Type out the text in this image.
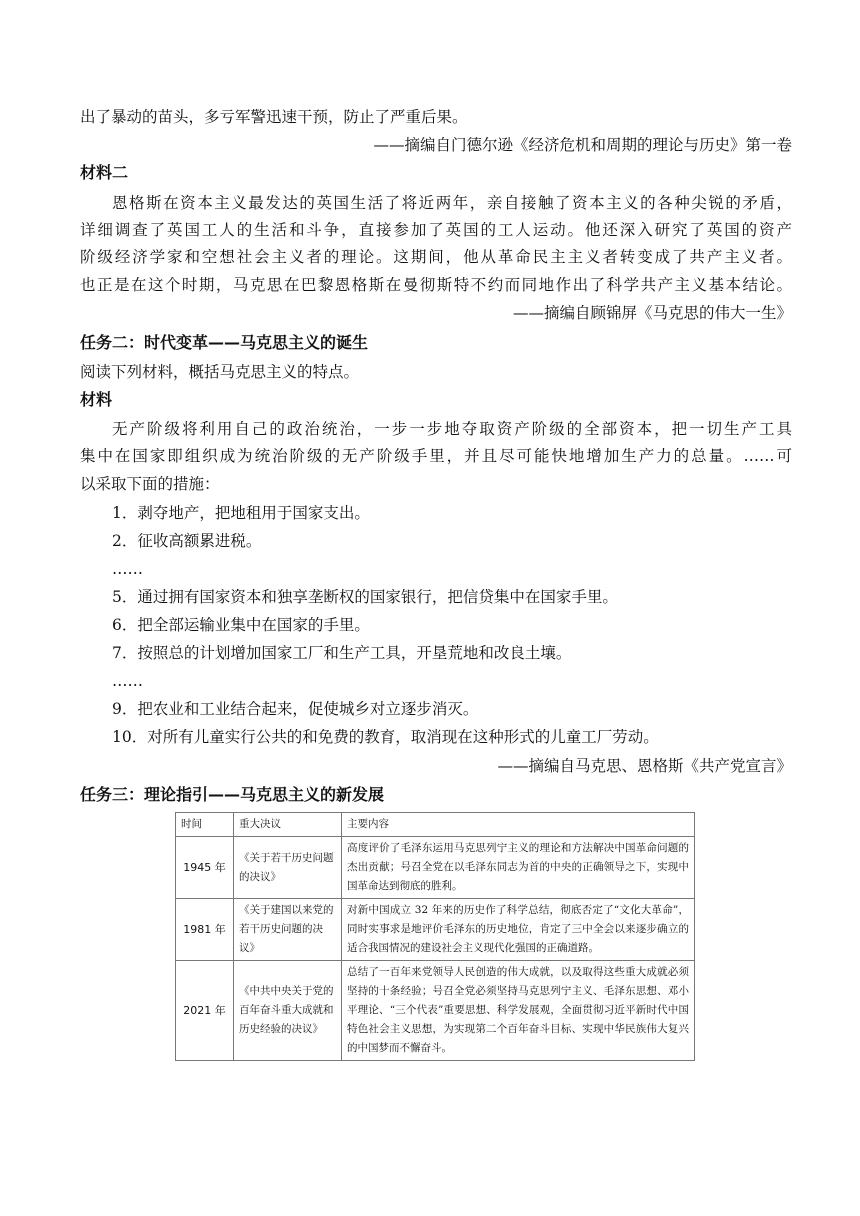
出了暴动的苗头，多亏军警迅速干预，防止了严重后果。
——摘编自门德尔逊《经济危机和周期的理论与历史》第一卷
材料二
恩格斯在资本主义最发达的英国生活了将近两年，亲自接触了资本主义的各种尖锐的矛盾，
详细调查了英国工人的生活和斗争，直接参加了英国的工人运动。他还深入研究了英国的资产
阶级经济学家和空想社会主义者的理论。这期间，他从革命民主主义者转变成了共产主义者。
也正是在这个时期，马克思在巴黎恩格斯在曼彻斯特不约而同地作出了科学共产主义基本结论。
——摘编自顾锦屏《马克思的伟大一生》
任务二：时代变革——马克思主义的诞生
阅读下列材料，概括马克思主义的特点。
材料
无产阶级将利用自己的政治统治，一步一步地夺取资产阶级的全部资本，把一切生产工具
集中在国家即组织成为统治阶级的无产阶级手里，并且尽可能快地增加生产力的总量。……可
以采取下面的措施：
1．剥夺地产，把地租用于国家支出。
2．征收高额累进税。
……
5．通过拥有国家资本和独享垄断权的国家银行，把信贷集中在国家手里。
6．把全部运输业集中在国家的手里。
7．按照总的计划增加国家工厂和生产工具，开垦荒地和改良土壤。
……
9．把农业和工业结合起来，促使城乡对立逐步消灭。
10．对所有儿童实行公共的和免费的教育，取消现在这种形式的儿童工厂劳动。
——摘编自马克思、恩格斯《共产党宣言》
任务三：理论指引——马克思主义的新发展
时间	重大决议	主要内容
1945 年	《关于若干历史问题的决议》	高度评价了毛泽东运用马克思列宁主义的理论和方法解决中国革命问题的杰出贡献；号召全党在以毛泽东同志为首的中央的正确领导之下，实现中国革命达到彻底的胜利。
1981 年	《关于建国以来党的若干历史问题的决议》	对新中国成立 32 年来的历史作了科学总结，彻底否定了“文化大革命”，同时实事求是地评价毛泽东的历史地位，肯定了三中全会以来逐步确立的适合我国情况的建设社会主义现代化强国的正确道路。
2021 年	《中共中央关于党的百年奋斗重大成就和历史经验的决议》	总结了一百年来党领导人民创造的伟大成就，以及取得这些重大成就必须坚持的十条经验；号召全党必须坚持马克思列宁主义、毛泽东思想、邓小平理论、“三个代表”重要思想、科学发展观，全面贯彻习近平新时代中国特色社会主义思想，为实现第二个百年奋斗目标、实现中华民族伟大复兴的中国梦而不懈奋斗。
